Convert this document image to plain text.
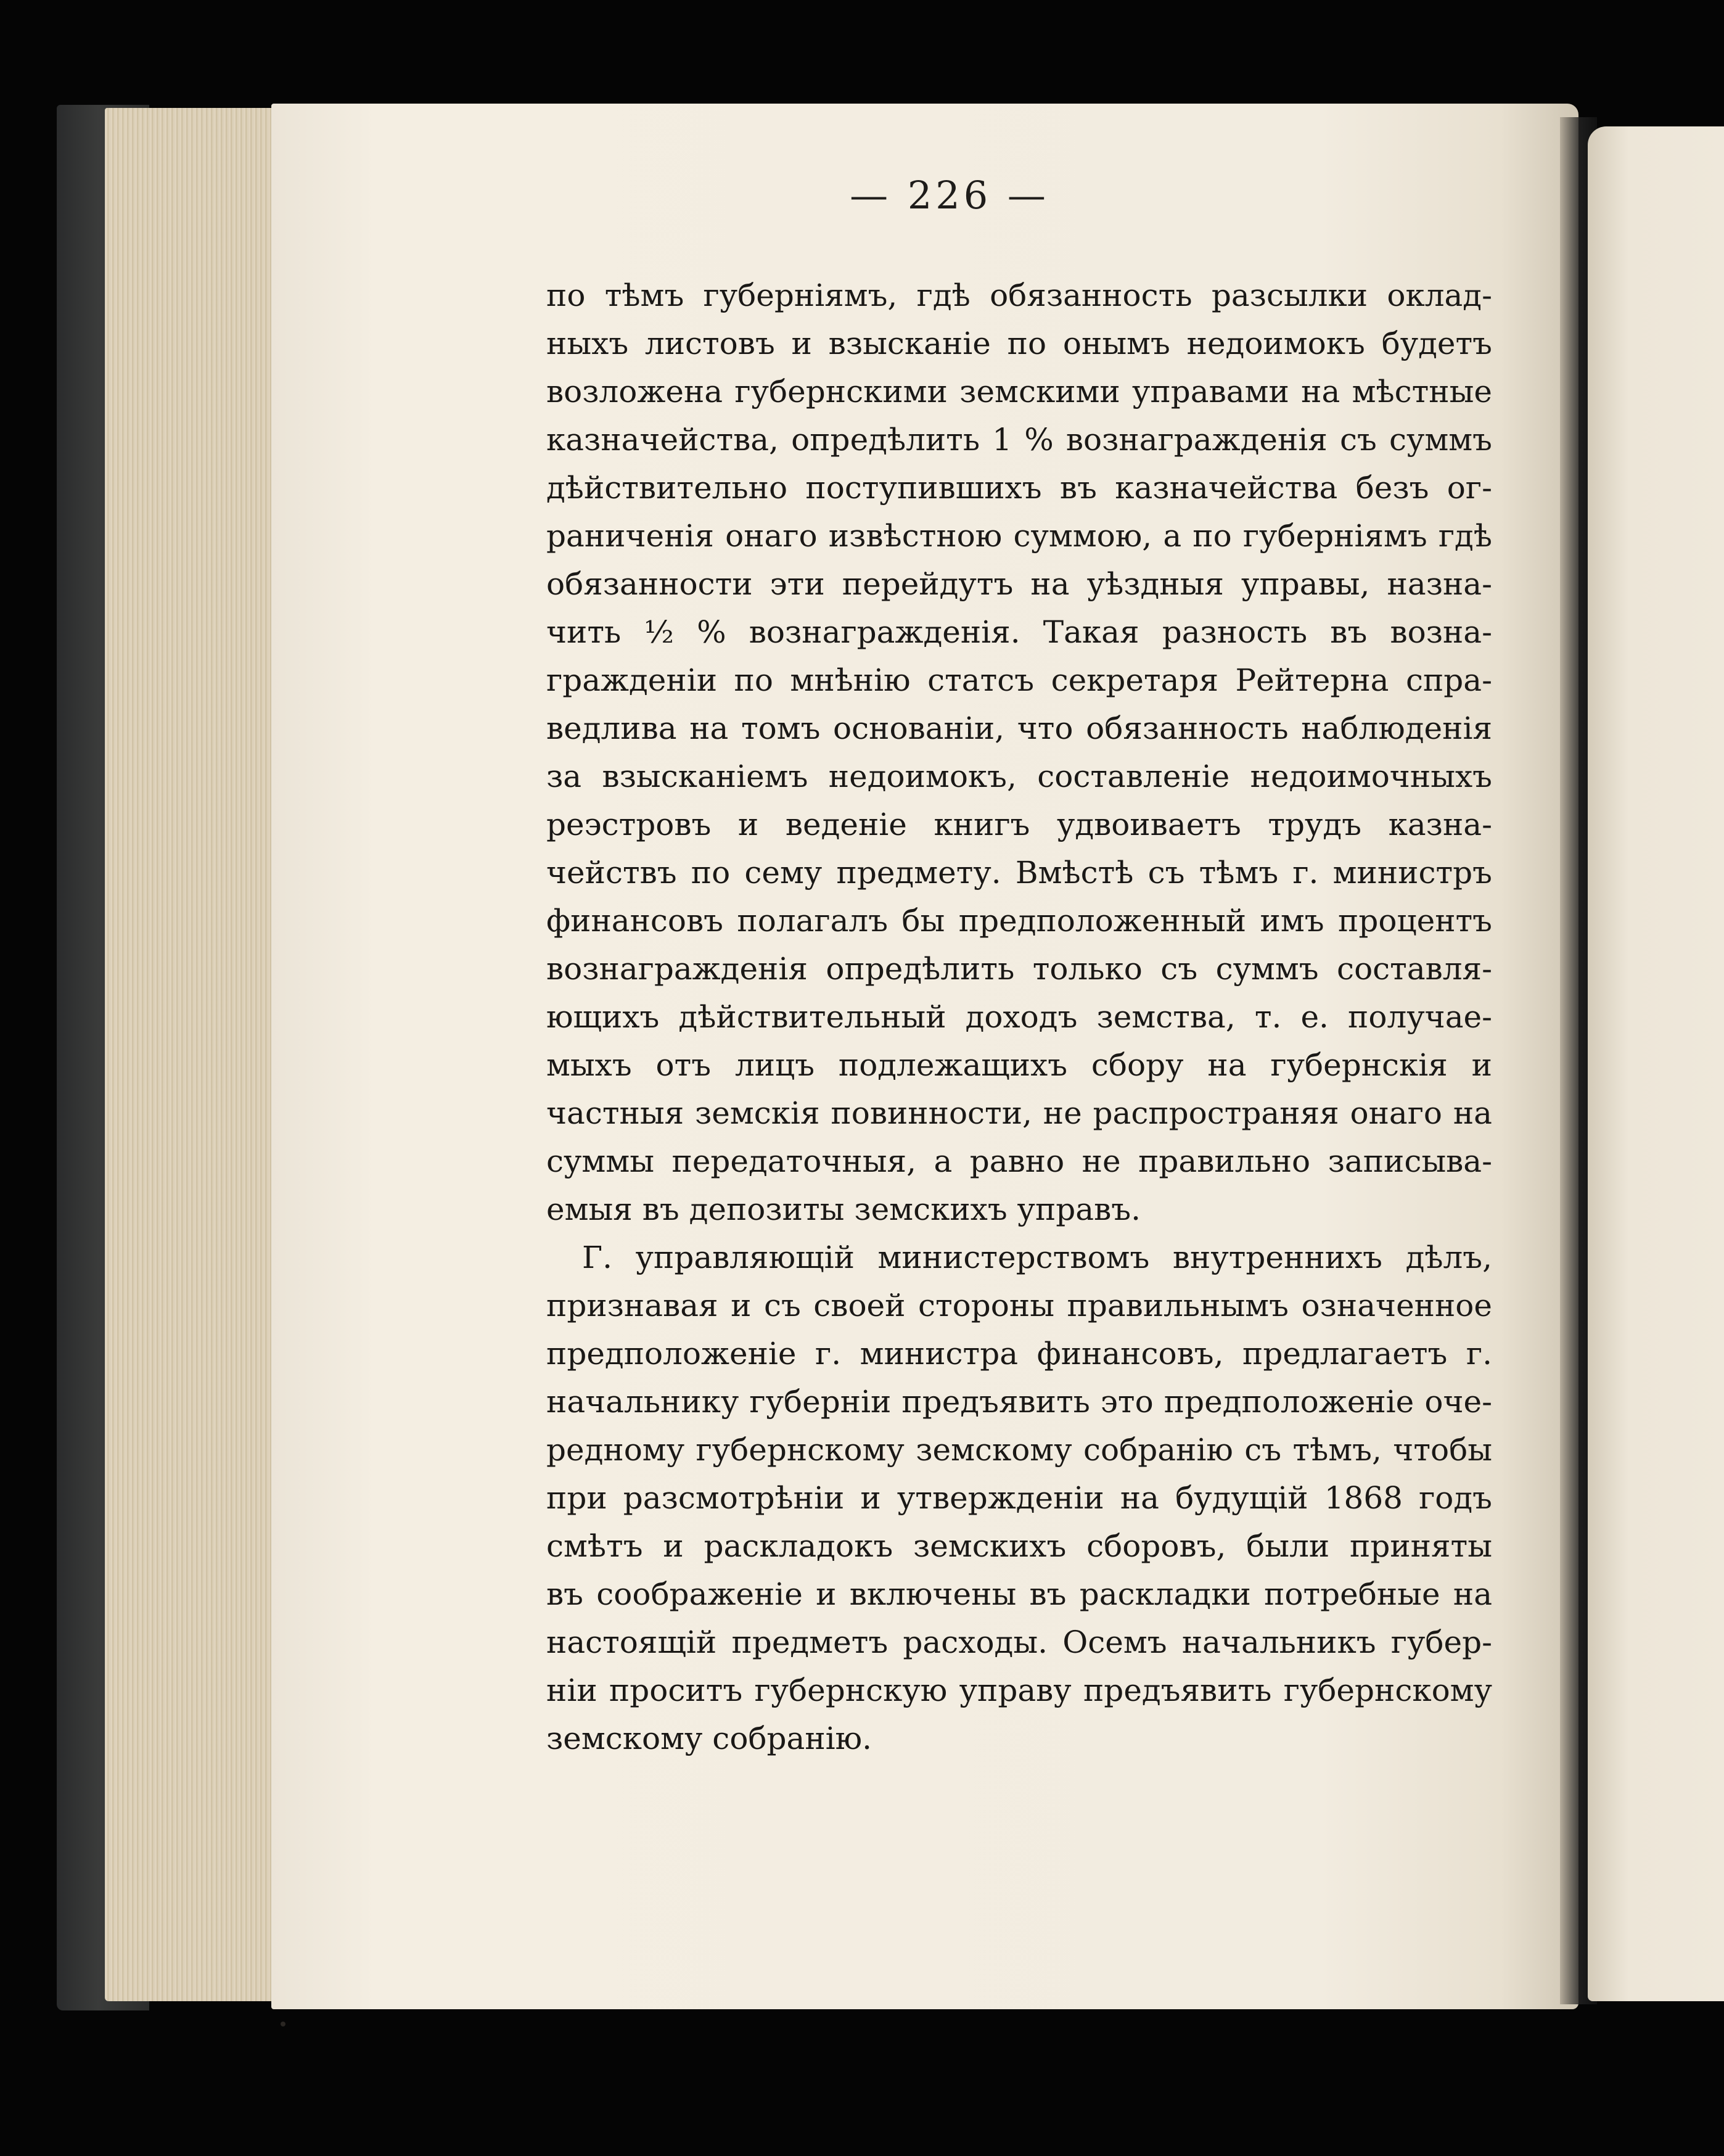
— 226 —
по тѣмъ губерніямъ, гдѣ обязанность разсылки оклад-
ныхъ листовъ и взысканіе по онымъ недоимокъ будетъ
возложена губернскими земскими управами на мѣстные
казначейства, опредѣлить 1 % вознагражденія съ суммъ
дѣйствительно поступившихъ въ казначейства безъ ог-
раниченія онаго извѣстною суммою, а по губерніямъ гдѣ
обязанности эти перейдутъ на уѣздныя управы, назна-
чить ½ % вознагражденія. Такая разность въ возна-
гражденіи по мнѣнію статсъ секретаря Рейтерна спра-
ведлива на томъ основаніи, что обязанность наблюденія
за взысканіемъ недоимокъ, составленіе недоимочныхъ
реэстровъ и веденіе книгъ удвоиваетъ трудъ казна-
чействъ по сему предмету. Вмѣстѣ съ тѣмъ г. министръ
финансовъ полагалъ бы предположенный имъ процентъ
вознагражденія опредѣлить только съ суммъ составля-
ющихъ дѣйствительный доходъ земства, т. е. получае-
мыхъ отъ лицъ подлежащихъ сбору на губернскія и
частныя земскія повинности, не распространяя онаго на
суммы передаточныя, а равно не правильно записыва-
емыя въ депозиты земскихъ управъ.
Г. управляющій министерствомъ внутреннихъ дѣлъ,
признавая и съ своей стороны правильнымъ означенное
предположеніе г. министра финансовъ, предлагаетъ г.
начальнику губерніи предъявить это предположеніе оче-
редному губернскому земскому собранію съ тѣмъ, чтобы
при разсмотрѣніи и утвержденіи на будущій 1868 годъ
смѣтъ и раскладокъ земскихъ сборовъ, были приняты
въ соображеніе и включены въ раскладки потребные на
настоящій предметъ расходы. Осемъ начальникъ губер-
ніи проситъ губернскую управу предъявить губернскому
земскому собранію.
